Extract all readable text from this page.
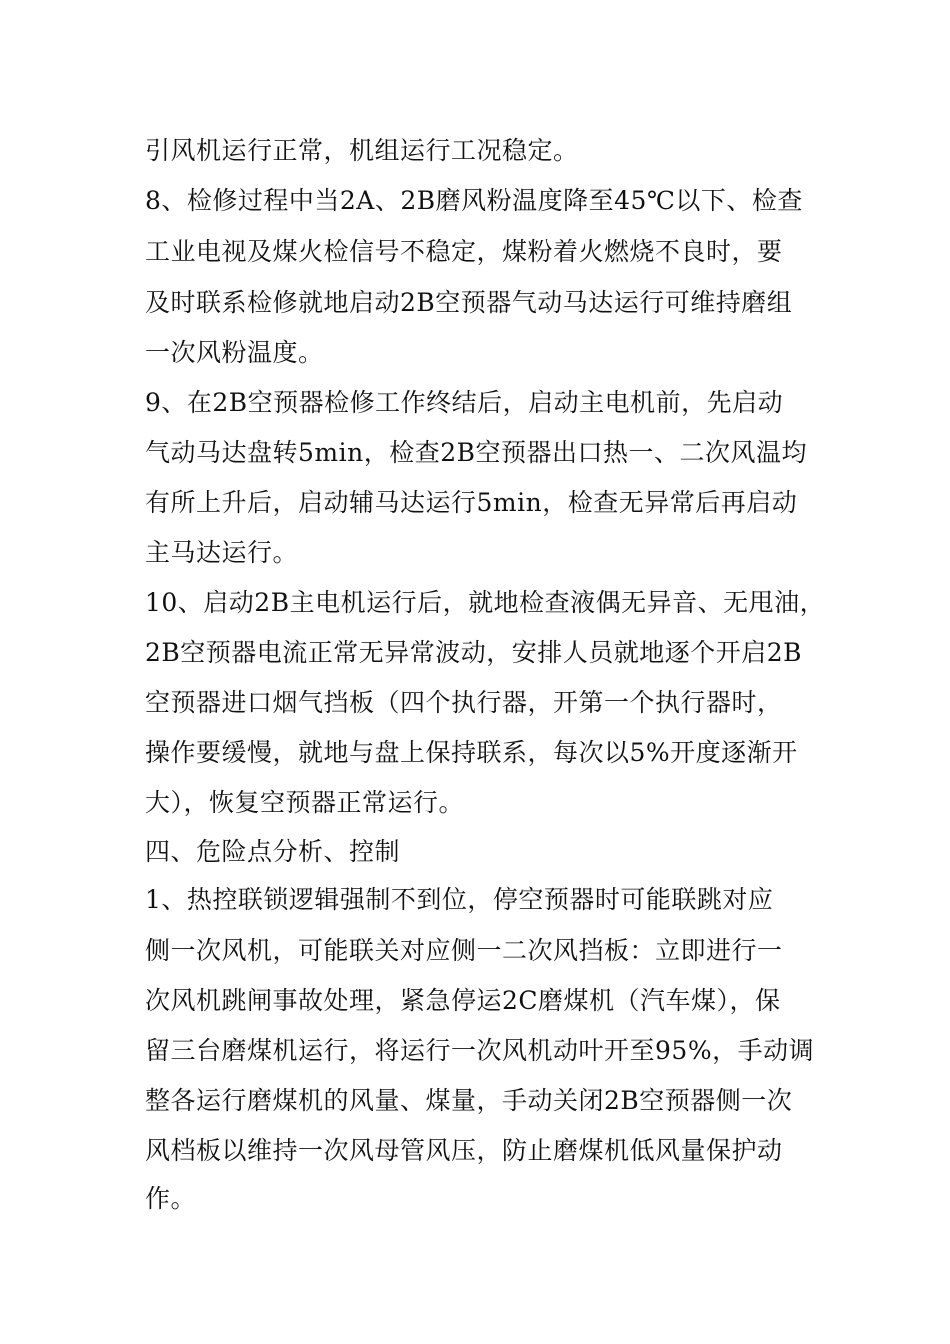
引风机运行正常，机组运行工况稳定。

8、检修过程中当2A、2B磨风粉温度降至45℃以下、检查

工业电视及煤火检信号不稳定，煤粉着火燃烧不良时，要

及时联系检修就地启动2B空预器气动马达运行可维持磨组

一次风粉温度。

9、在2B空预器检修工作终结后，启动主电机前，先启动

气动马达盘转5min，检查2B空预器出口热一、二次风温均

有所上升后，启动辅马达运行5min，检查无异常后再启动

主马达运行。

10、启动2B主电机运行后，就地检查液偶无异音、无甩油，

2B空预器电流正常无异常波动，安排人员就地逐个开启2B

空预器进口烟气挡板（四个执行器，开第一个执行器时，

操作要缓慢，就地与盘上保持联系，每次以5%开度逐渐开

大），恢复空预器正常运行。

四、危险点分析、控制

1、热控联锁逻辑强制不到位，停空预器时可能联跳对应

侧一次风机，可能联关对应侧一二次风挡板：立即进行一

次风机跳闸事故处理，紧急停运2C磨煤机（汽车煤），保

留三台磨煤机运行，将运行一次风机动叶开至95%，手动调

整各运行磨煤机的风量、煤量，手动关闭2B空预器侧一次

风档板以维持一次风母管风压，防止磨煤机低风量保护动

作。
